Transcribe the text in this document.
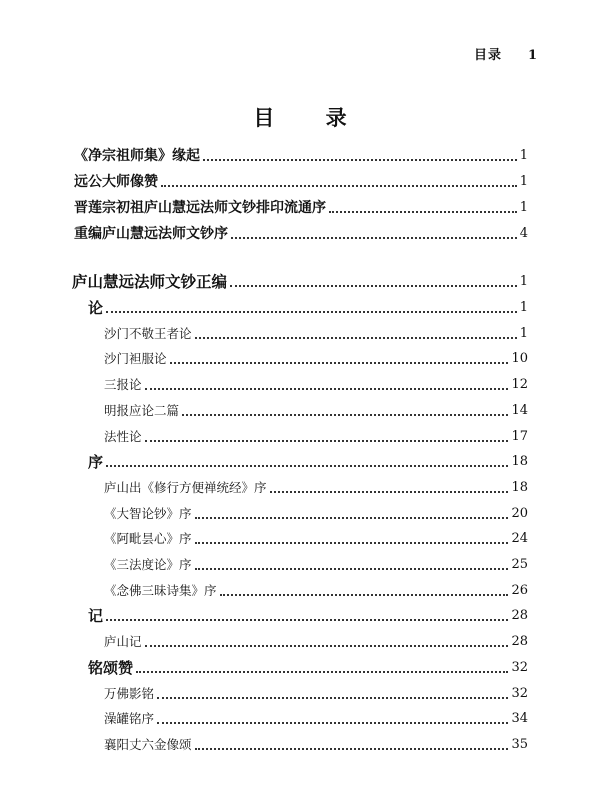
目录 1
目 录
《净宗祖师集》缘起	1
远公大师像赞	1
晋莲宗初祖庐山慧远法师文钞排印流通序	1
重编庐山慧远法师文钞序	4
庐山慧远法师文钞正编	1
论	1
沙门不敬王者论	1
沙门袒服论	10
三报论	12
明报应论二篇	14
法性论	17
序	18
庐山出《修行方便禅统经》序	18
《大智论钞》序	20
《阿毗昙心》序	24
《三法度论》序	25
《念佛三昧诗集》序	26
记	28
庐山记	28
铭颂赞	32
万佛影铭	32
澡罐铭序	34
襄阳丈六金像颂	35
